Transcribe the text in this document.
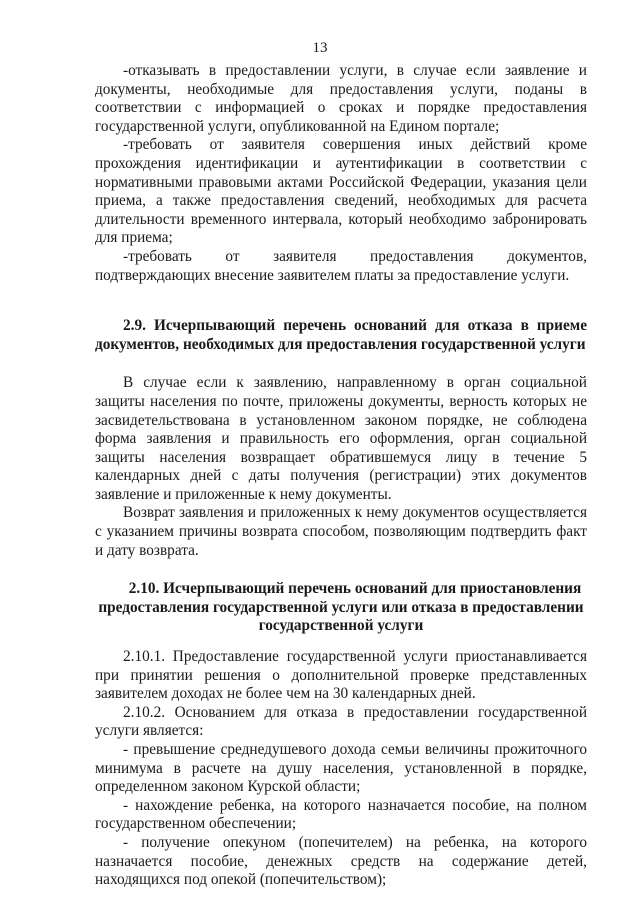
13

-отказывать в предоставлении услуги, в случае если заявление и документы, необходимые для предоставления услуги, поданы в соответствии с информацией о сроках и порядке предоставления государственной услуги, опубликованной на Едином портале;

-требовать от заявителя совершения иных действий кроме прохождения идентификации и аутентификации в соответствии с нормативными правовыми актами Российской Федерации, указания цели приема, а также предоставления сведений, необходимых для расчета длительности временного интервала, который необходимо забронировать для приема;

-требовать от заявителя предоставления документов, подтверждающих внесение заявителем платы за предоставление услуги.

2.9. Исчерпывающий перечень оснований для отказа в приеме документов, необходимых для предоставления государственной услуги

В случае если к заявлению, направленному в орган социальной защиты населения по почте, приложены документы, верность которых не засвидетельствована в установленном законом порядке, не соблюдена форма заявления и правильность его оформления, орган социальной защиты населения возвращает обратившемуся лицу в течение 5 календарных дней с даты получения (регистрации) этих документов заявление и приложенные к нему документы.

Возврат заявления и приложенных к нему документов осуществляется с указанием причины возврата способом, позволяющим подтвердить факт и дату возврата.

2.10. Исчерпывающий перечень оснований для приостановления предоставления государственной услуги или отказа в предоставлении государственной услуги

2.10.1. Предоставление государственной услуги приостанавливается при принятии решения о дополнительной проверке представленных заявителем доходах не более чем на 30 календарных дней.

2.10.2. Основанием для отказа в предоставлении государственной услуги является:

- превышение среднедушевого дохода семьи величины прожиточного минимума в расчете на душу населения, установленной в порядке, определенном законом Курской области;

- нахождение ребенка, на которого назначается пособие, на полном государственном обеспечении;

- получение опекуном (попечителем) на ребенка, на которого назначается пособие, денежных средств на содержание детей, находящихся под опекой (попечительством);
